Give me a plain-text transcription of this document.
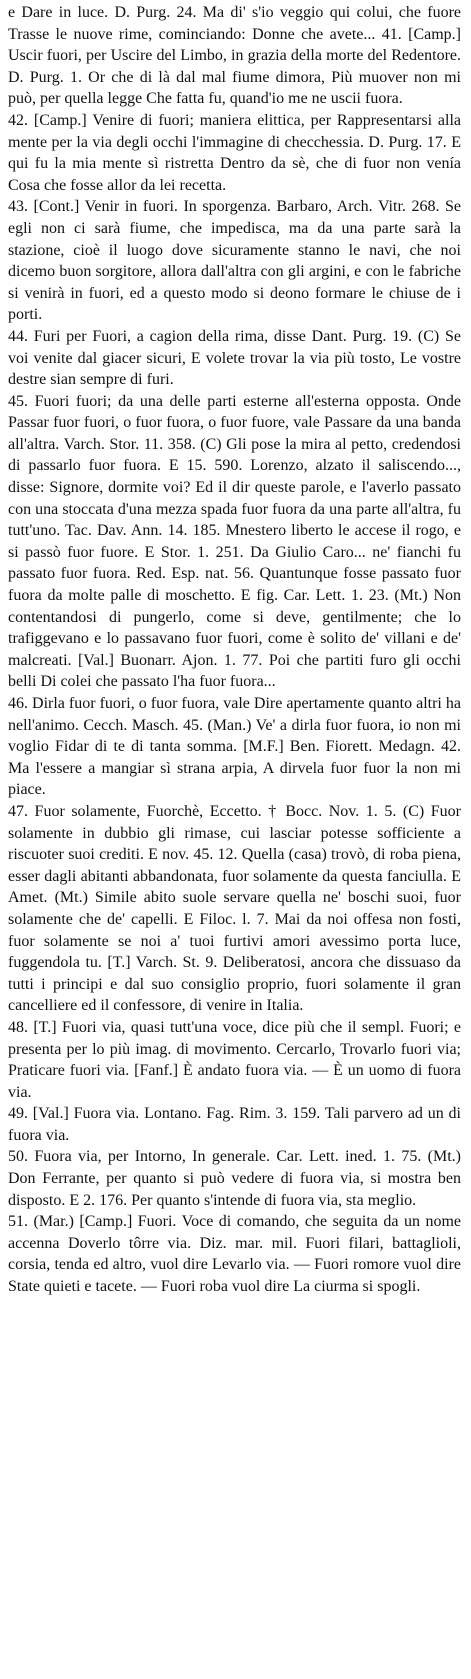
e Dare in luce. D. Purg. 24. Ma di' s'io veggio qui colui, che fuore Trasse le nuove rime, cominciando: Donne che avete... 41. [Camp.] Uscir fuori, per Uscire del Limbo, in grazia della morte del Redentore. D. Purg. 1. Or che di là dal mal fiume dimora, Più muover non mi può, per quella legge Che fatta fu, quand'io me ne uscii fuora.

42. [Camp.] Venire di fuori; maniera elittica, per Rappresentarsi alla mente per la via degli occhi l'immagine di checchessia. D. Purg. 17. E qui fu la mia mente sì ristretta Dentro da sè, che di fuor non venía Cosa che fosse allor da lei recetta.

43. [Cont.] Venir in fuori. In sporgenza. Barbaro, Arch. Vitr. 268. Se egli non ci sarà fiume, che impedisca, ma da una parte sarà la stazione, cioè il luogo dove sicuramente stanno le navi, che noi dicemo buon sorgitore, allora dall'altra con gli argini, e con le fabriche si venirà in fuori, ed a questo modo si deono formare le chiuse de i porti.

44. Furi per Fuori, a cagion della rima, disse Dant. Purg. 19. (C) Se voi venite dal giacer sicuri, E volete trovar la via più tosto, Le vostre destre sian sempre di furi.

45. Fuori fuori; da una delle parti esterne all'esterna opposta. Onde Passar fuor fuori, o fuor fuora, o fuor fuore, vale Passare da una banda all'altra. Varch. Stor. 11. 358. (C) Gli pose la mira al petto, credendosi di passarlo fuor fuora. E 15. 590. Lorenzo, alzato il saliscendo..., disse: Signore, dormite voi? Ed il dir queste parole, e l'averlo passato con una stoccata d'una mezza spada fuor fuora da una parte all'altra, fu tutt'uno. Tac. Dav. Ann. 14. 185. Mnestero liberto le accese il rogo, e si passò fuor fuore. E Stor. 1. 251. Da Giulio Caro... ne' fianchi fu passato fuor fuora. Red. Esp. nat. 56. Quantunque fosse passato fuor fuora da molte palle di moschetto. E fig. Car. Lett. 1. 23. (Mt.) Non contentandosi di pungerlo, come si deve, gentilmente; che lo trafiggevano e lo passavano fuor fuori, come è solito de' villani e de' malcreati. [Val.] Buonarr. Ajon. 1. 77. Poi che partiti furo gli occhi belli Di colei che passato l'ha fuor fuora...

46. Dirla fuor fuori, o fuor fuora, vale Dire apertamente quanto altri ha nell'animo. Cecch. Masch. 45. (Man.) Ve' a dirla fuor fuora, io non mi voglio Fidar di te di tanta somma. [M.F.] Ben. Fiorett. Medagn. 42. Ma l'essere a mangiar sì strana arpia, A dirvela fuor fuor la non mi piace.

47. Fuor solamente, Fuorchè, Eccetto. † Bocc. Nov. 1. 5. (C) Fuor solamente in dubbio gli rimase, cui lasciar potesse sofficiente a riscuoter suoi crediti. E nov. 45. 12. Quella (casa) trovò, di roba piena, esser dagli abitanti abbandonata, fuor solamente da questa fanciulla. E Amet. (Mt.) Simile abito suole servare quella ne' boschi suoi, fuor solamente che de' capelli. E Filoc. l. 7. Mai da noi offesa non fosti, fuor solamente se noi a' tuoi furtivi amori avessimo porta luce, fuggendola tu. [T.] Varch. St. 9. Deliberatosi, ancora che dissuaso da tutti i principi e dal suo consiglio proprio, fuori solamente il gran cancelliere ed il confessore, di venire in Italia.

48. [T.] Fuori via, quasi tutt'una voce, dice più che il sempl. Fuori; e presenta per lo più imag. di movimento. Cercarlo, Trovarlo fuori via; Praticare fuori via. [Fanf.] È andato fuora via. — È un uomo di fuora via.

49. [Val.] Fuora via. Lontano. Fag. Rim. 3. 159. Tali parvero ad un di fuora via.

50. Fuora via, per Intorno, In generale. Car. Lett. ined. 1. 75. (Mt.) Don Ferrante, per quanto si può vedere di fuora via, si mostra ben disposto. E 2. 176. Per quanto s'intende di fuora via, sta meglio.

51. (Mar.) [Camp.] Fuori. Voce di comando, che seguita da un nome accenna Doverlo tôrre via. Diz. mar. mil. Fuori filari, battaglioli, corsia, tenda ed altro, vuol dire Levarlo via. — Fuori romore vuol dire State quieti e tacete. — Fuori roba vuol dire La ciurma si spogli.
